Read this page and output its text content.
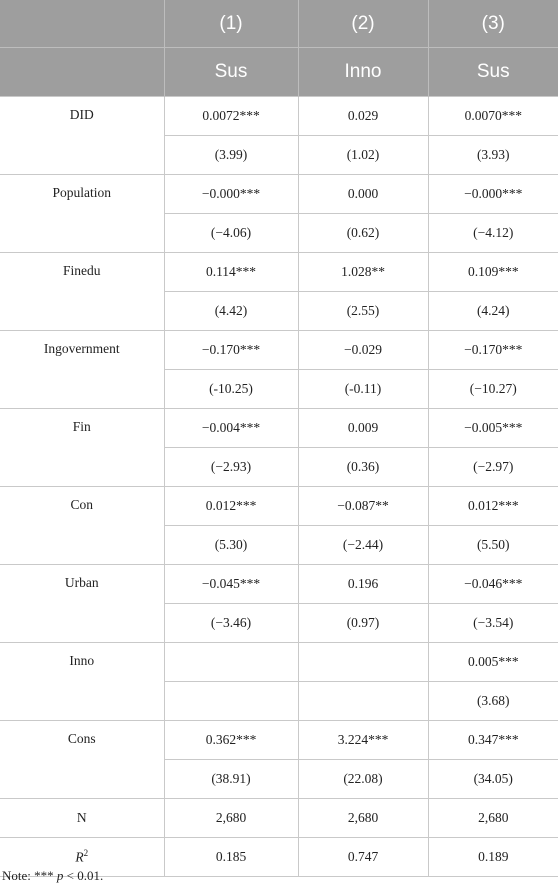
	(1)	(2)	(3)
	Sus	Inno	Sus
DID	0.0072***	0.029	0.0070***
	(3.99)	(1.02)	(3.93)
Population	−0.000***	0.000	−0.000***
	(−4.06)	(0.62)	(−4.12)
Finedu	0.114***	1.028**	0.109***
	(4.42)	(2.55)	(4.24)
Ingovernment	−0.170***	−0.029	−0.170***
	(-10.25)	(-0.11)	(−10.27)
Fin	−0.004***	0.009	−0.005***
	(−2.93)	(0.36)	(−2.97)
Con	0.012***	−0.087**	0.012***
	(5.30)	(−2.44)	(5.50)
Urban	−0.045***	0.196	−0.046***
	(−3.46)	(0.97)	(−3.54)
Inno			0.005***
			(3.68)
Cons	0.362***	3.224***	0.347***
	(38.91)	(22.08)	(34.05)
N	2,680	2,680	2,680
$R^2$	0.185	0.747	0.189
Note: *** p < 0.01.
